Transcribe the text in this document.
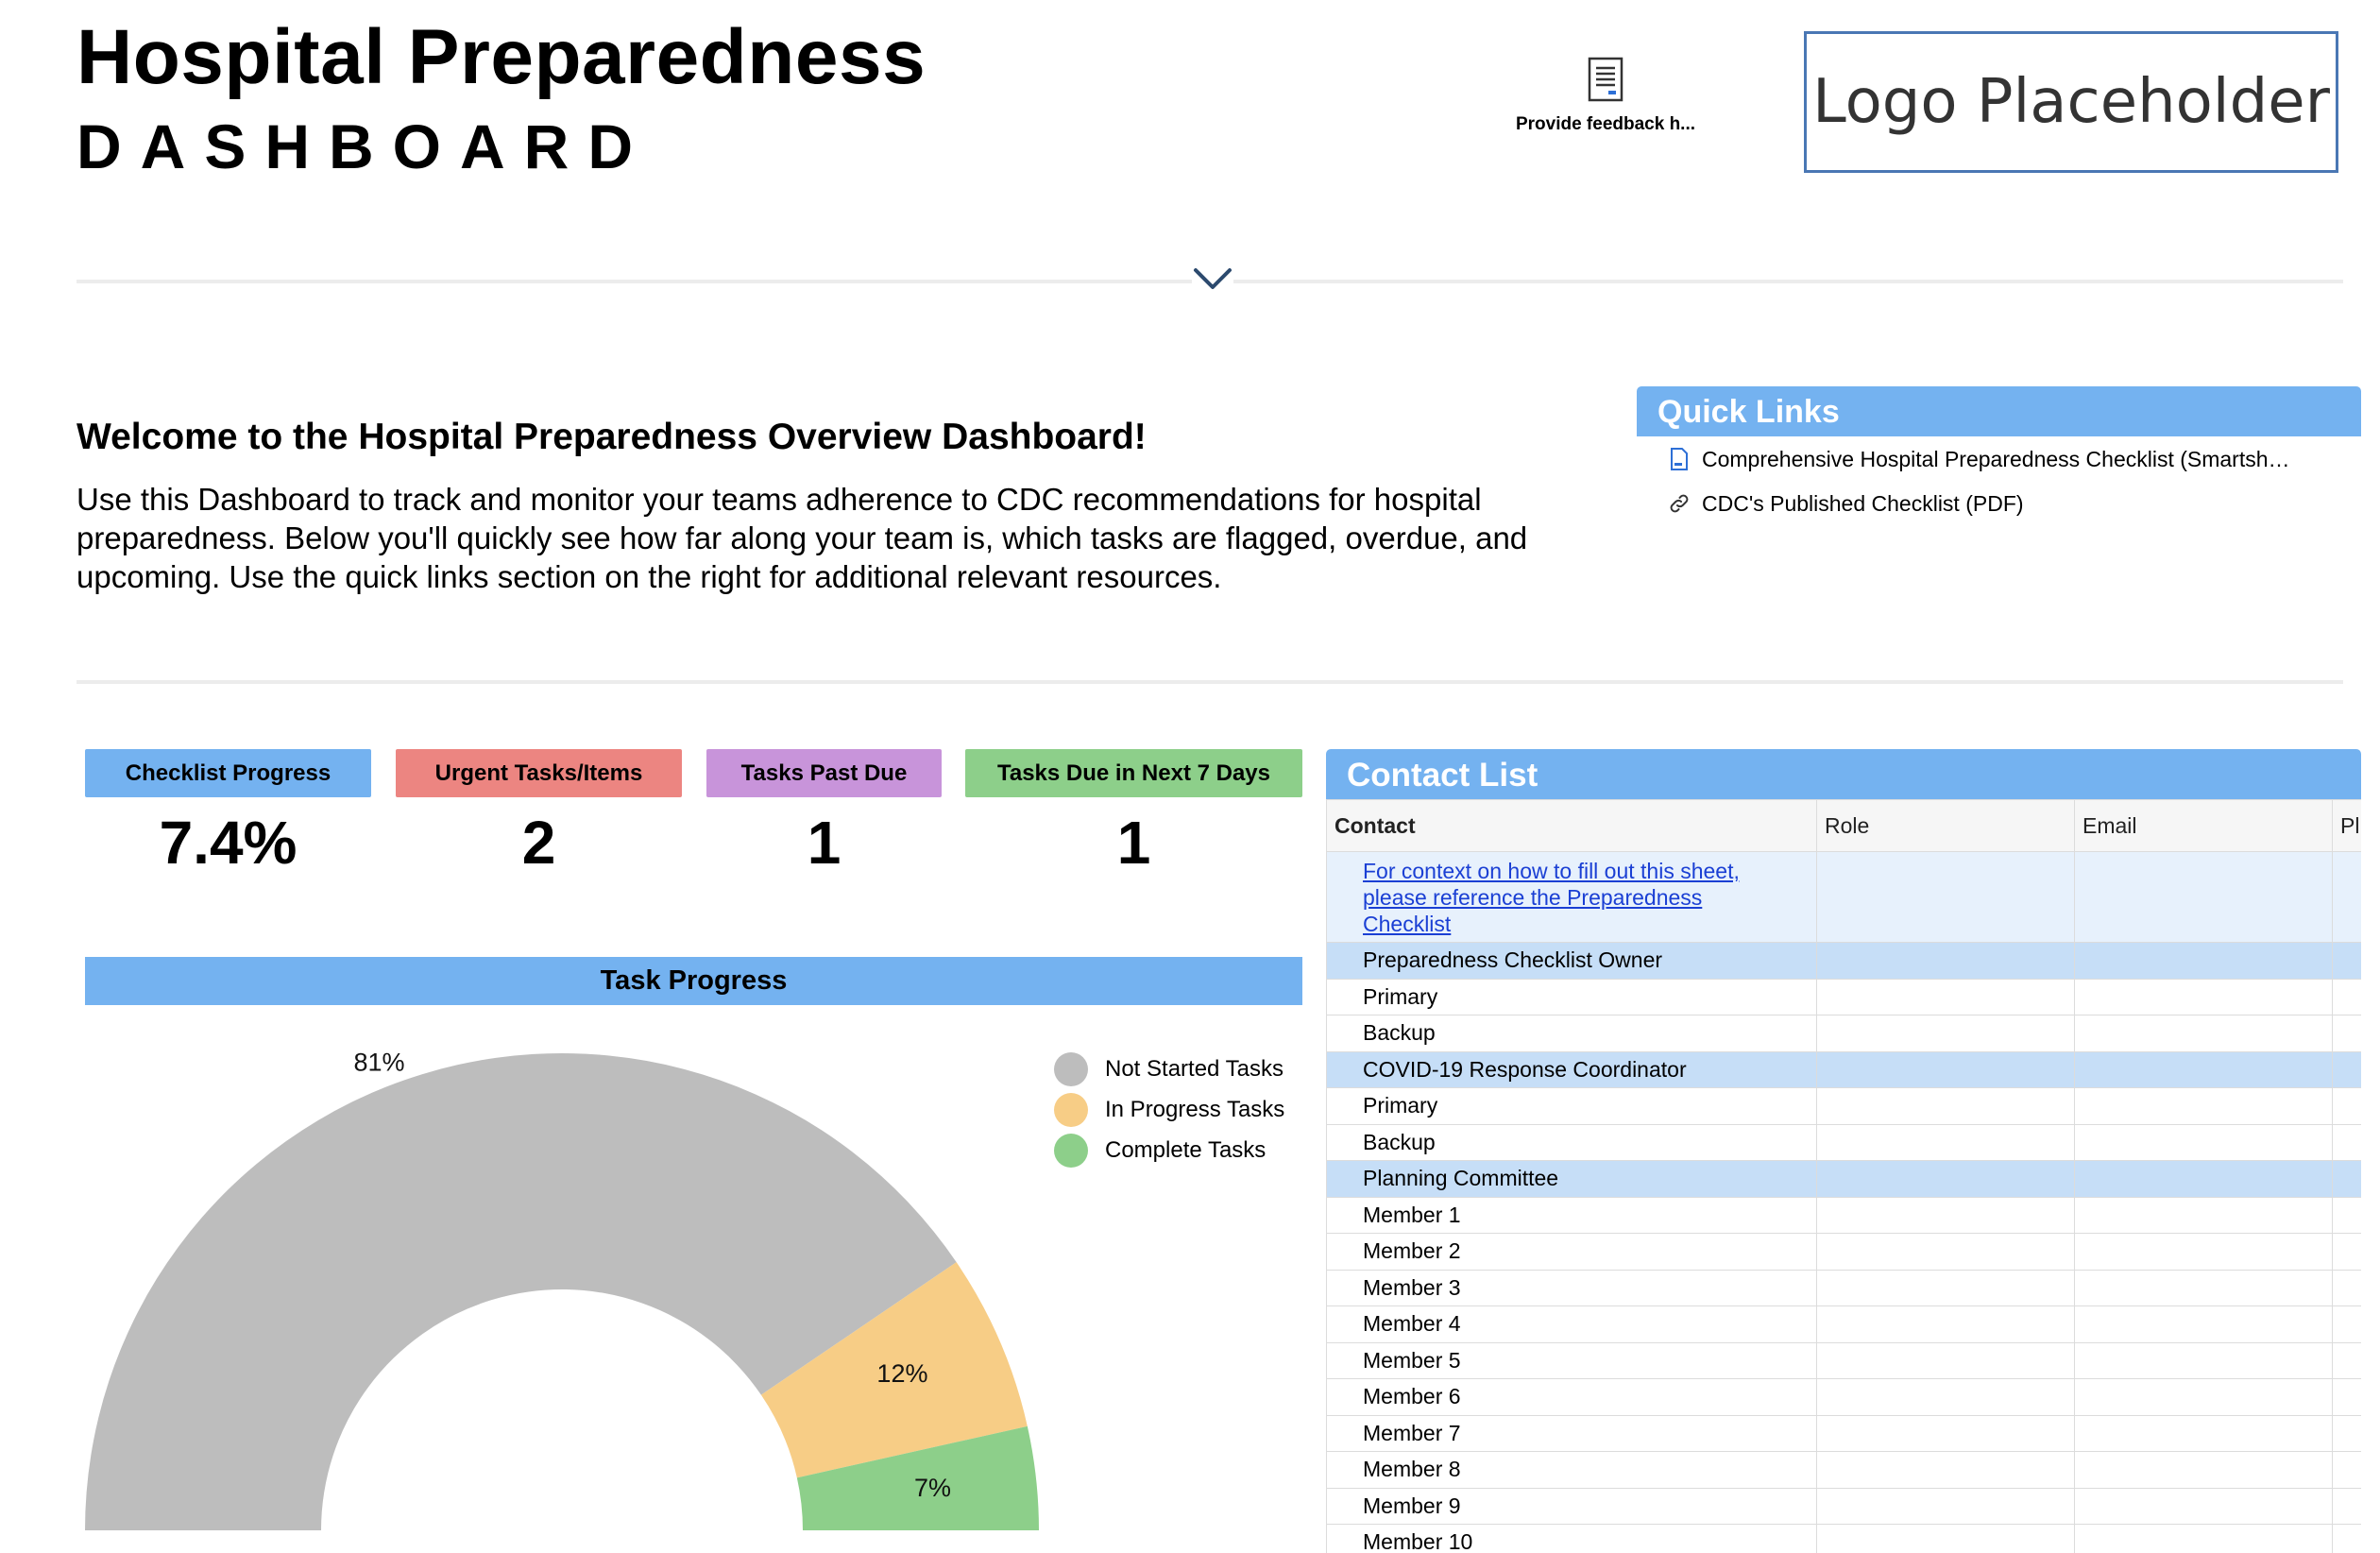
Hospital Preparedness
DASHBOARD	Provide feedback h...	Logo Placeholder
Welcome to the Hospital Preparedness Overview Dashboard!
Use this Dashboard to track and monitor your teams adherence to CDC recommendations for hospital preparedness. Below you'll quickly see how far along your team is, which tasks are flagged, overdue, and upcoming. Use the quick links section on the right for additional relevant resources.
Quick Links
Comprehensive Hospital Preparedness Checklist (Smartsh…
CDC's Published Checklist (PDF)
Checklist Progress	Urgent Tasks/Items	Tasks Past Due	Tasks Due in Next 7 Days
7.4%	2	1	1
Task Progress
81%
12%
7%
Not Started Tasks
In Progress Tasks
Complete Tasks
Contact List
Contact	Role	Email	Pl
For context on how to fill out this sheet,
please reference the Preparedness
Checklist			
Preparedness Checklist Owner			
Primary			
Backup			
COVID-19 Response Coordinator			
Primary			
Backup			
Planning Committee			
Member 1			
Member 2			
Member 3			
Member 4			
Member 5			
Member 6			
Member 7			
Member 8			
Member 9			
Member 10			
